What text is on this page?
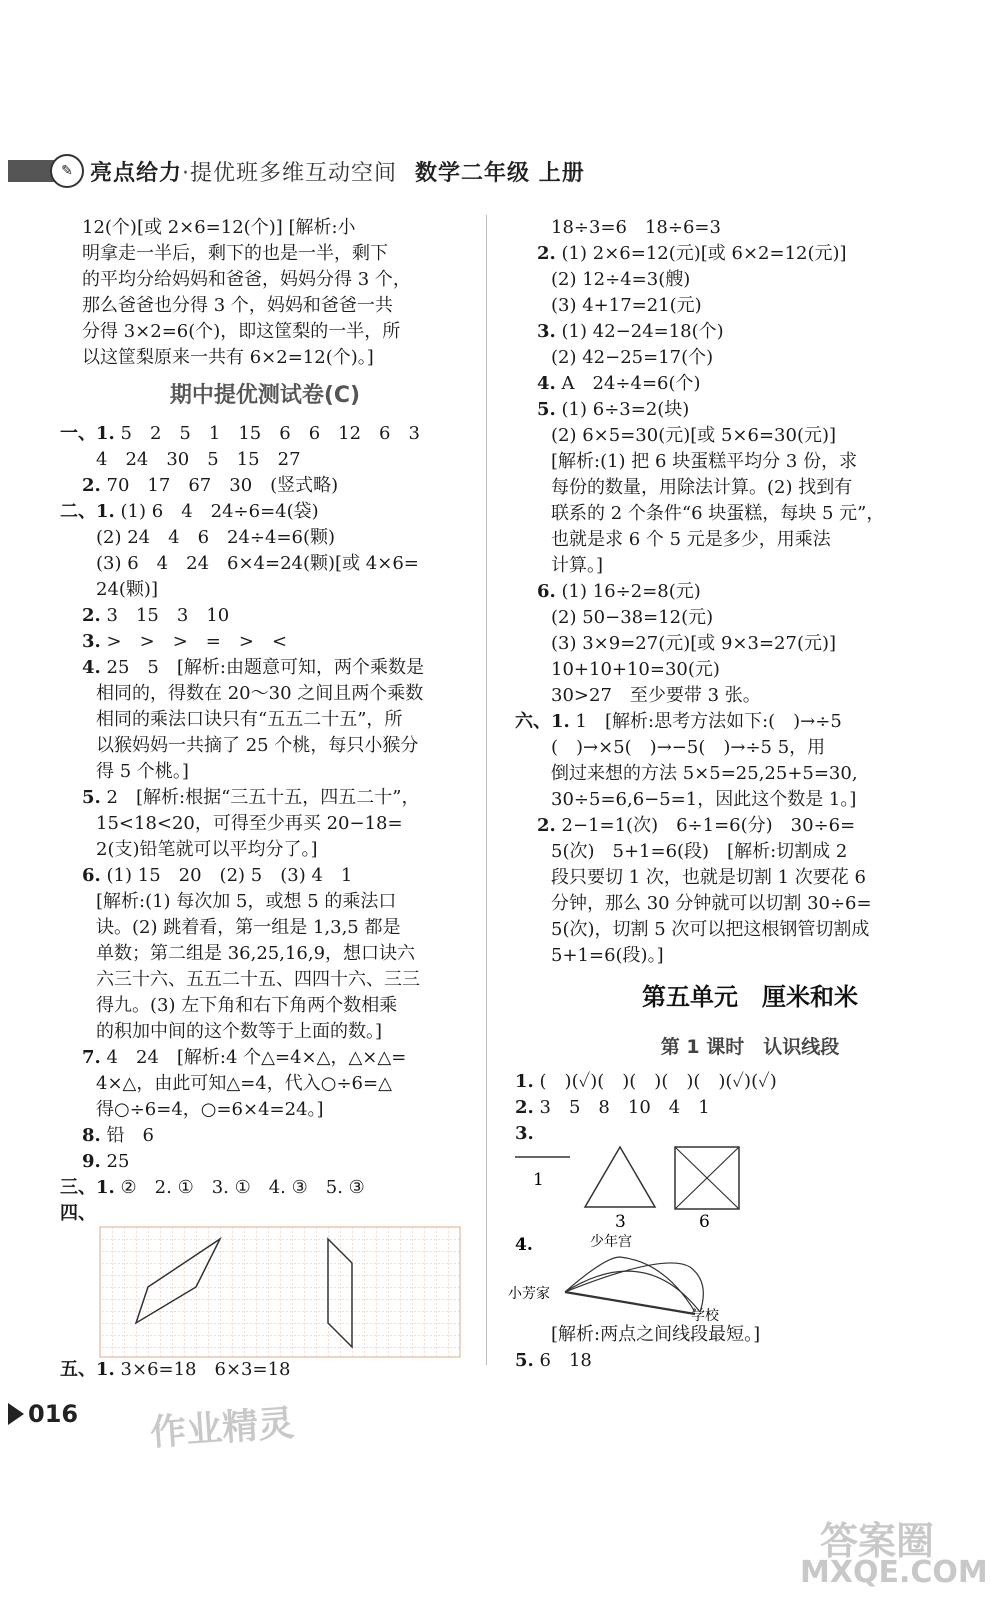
✎ 亮点给力·提优班多维互动空间 数学二年级 上册
12(个)[或 2×6=12(个)] [解析:小
明拿走一半后，剩下的也是一半，剩下
的平均分给妈妈和爸爸，妈妈分得 3 个，
那么爸爸也分得 3 个，妈妈和爸爸一共
分得 3×2=6(个)，即这筐梨的一半，所
以这筐梨原来一共有 6×2=12(个)。]
期中提优测试卷(C)
一、1. 5　2　5　1　15　6　6　12　6　3
4　24　30　5　15　27
2. 70　17　67　30　(竖式略)
二、1. (1) 6　4　24÷6=4(袋)
(2) 24　4　6　24÷4=6(颗)
(3) 6　4　24　6×4=24(颗)[或 4×6=
24(颗)]
2. 3　15　3　10
3. >　>　>　=　>　<
4. 25　5　[解析:由题意可知，两个乘数是
相同的，得数在 20～30 之间且两个乘数
相同的乘法口诀只有“五五二十五”，所
以猴妈妈一共摘了 25 个桃，每只小猴分
得 5 个桃。]
5. 2　[解析:根据“三五十五，四五二十”，
15<18<20，可得至少再买 20−18=
2(支)铅笔就可以平均分了。]
6. (1) 15　20　(2) 5　(3) 4　1
[解析:(1) 每次加 5，或想 5 的乘法口
诀。(2) 跳着看，第一组是 1,3,5 都是
单数；第二组是 36,25,16,9，想口诀六
六三十六、五五二十五、四四十六、三三
得九。(3) 左下角和右下角两个数相乘
的积加中间的这个数等于上面的数。]
7. 4　24　[解析:4 个△=4×△，△×△=
4×△，由此可知△=4，代入○÷6=△
得○÷6=4，○=6×4=24。]
8. 铅　6
9. 25
三、1. ②　2. ①　3. ①　4. ③　5. ③
四、
五、1. 3×6=18　6×3=18
18÷3=6　18÷6=3
2. (1) 2×6=12(元)[或 6×2=12(元)]
(2) 12÷4=3(艘)
(3) 4+17=21(元)
3. (1) 42−24=18(个)
(2) 42−25=17(个)
4. A　24÷4=6(个)
5. (1) 6÷3=2(块)
(2) 6×5=30(元)[或 5×6=30(元)]
[解析:(1) 把 6 块蛋糕平均分 3 份，求
每份的数量，用除法计算。(2) 找到有
联系的 2 个条件“6 块蛋糕，每块 5 元”，
也就是求 6 个 5 元是多少，用乘法
计算。]
6. (1) 16÷2=8(元)
(2) 50−38=12(元)
(3) 3×9=27(元)[或 9×3=27(元)]
10+10+10=30(元)
30>27　至少要带 3 张。
六、1. 1　[解析:思考方法如下:(　)→÷5
(　)→×5(　)→−5(　)→÷5 5，用
倒过来想的方法 5×5=25,25+5=30,
30÷5=6,6−5=1，因此这个数是 1。]
2. 2−1=1(次)　6÷1=6(分)　30÷6=
5(次)　5+1=6(段)　[解析:切割成 2
段只要切 1 次，也就是切割 1 次要花 6
分钟，那么 30 分钟就可以切割 30÷6=
5(次)，切割 5 次可以把这根钢管切割成
5+1=6(段)。]
第五单元　厘米和米
第 1 课时　认识线段
1. (　)(✓)(　)(　)(　)(　)(✓)(✓)
2. 3　5　8　10　4　1
3.
1
3	6
4.	少年宫
小芳家
学校
[解析:两点之间线段最短。]
5. 6　18
016 作业精灵
答案圈
MXQE.COM
